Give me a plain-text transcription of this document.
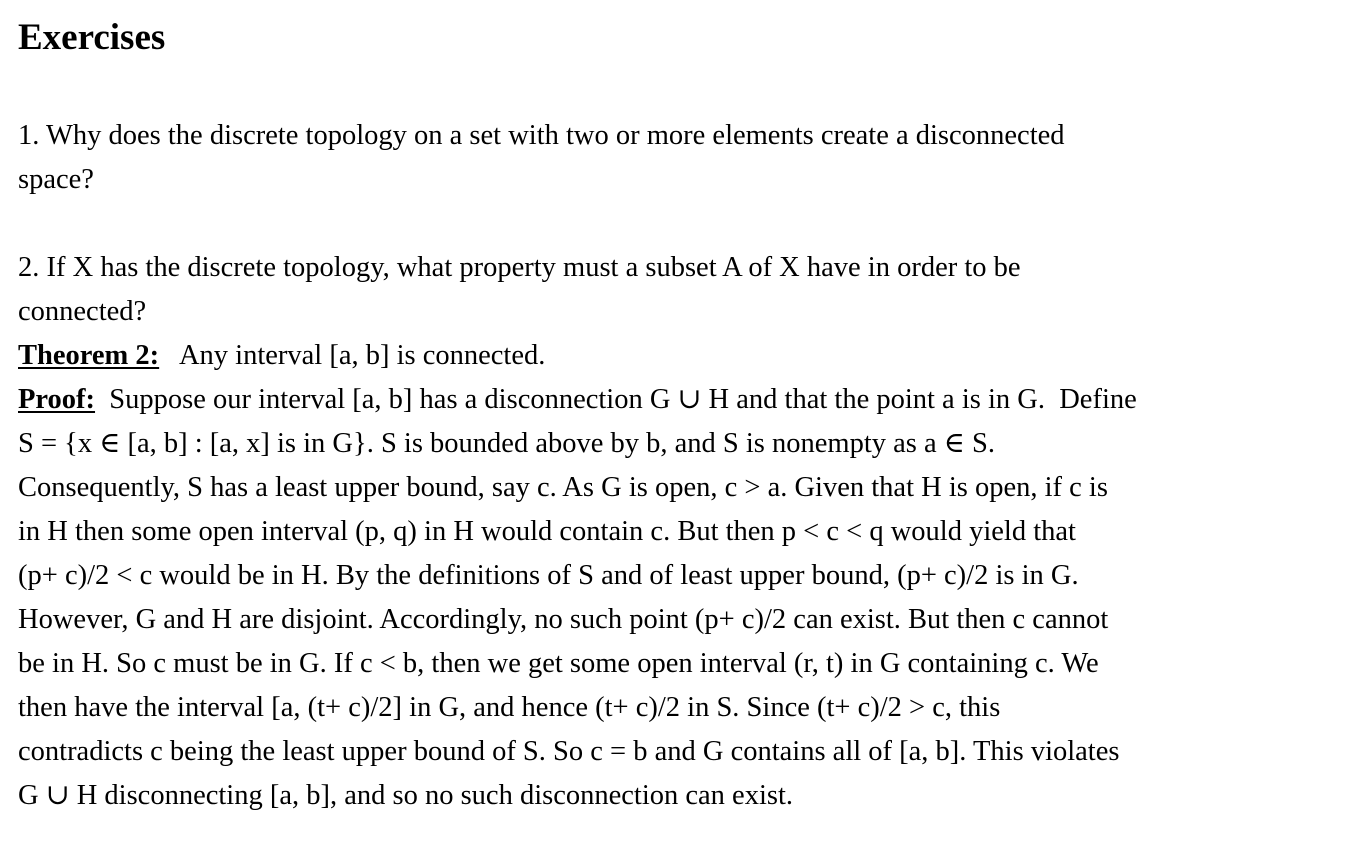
Exercises

1. Why does the discrete topology on a set with two or more elements create a disconnected
space?

2. If X has the discrete topology, what property must a subset A of X have in order to be
connected?

Theorem 2:   Any interval [a, b] is connected.

Proof:  Suppose our interval [a, b] has a disconnection G ∪ H and that the point a is in G.  Define
S = {x ∈ [a, b] : [a, x] is in G}. S is bounded above by b, and S is nonempty as a ∈ S.
Consequently, S has a least upper bound, say c. As G is open, c > a. Given that H is open, if c is
in H then some open interval (p, q) in H would contain c. But then p < c < q would yield that
(p+ c)/2 < c would be in H. By the definitions of S and of least upper bound, (p+ c)/2 is in G.
However, G and H are disjoint. Accordingly, no such point (p+ c)/2 can exist. But then c cannot
be in H. So c must be in G. If c < b, then we get some open interval (r, t) in G containing c. We
then have the interval [a, (t+ c)/2] in G, and hence (t+ c)/2 in S. Since (t+ c)/2 > c, this
contradicts c being the least upper bound of S. So c = b and G contains all of [a, b]. This violates
G ∪ H disconnecting [a, b], and so no such disconnection can exist.
